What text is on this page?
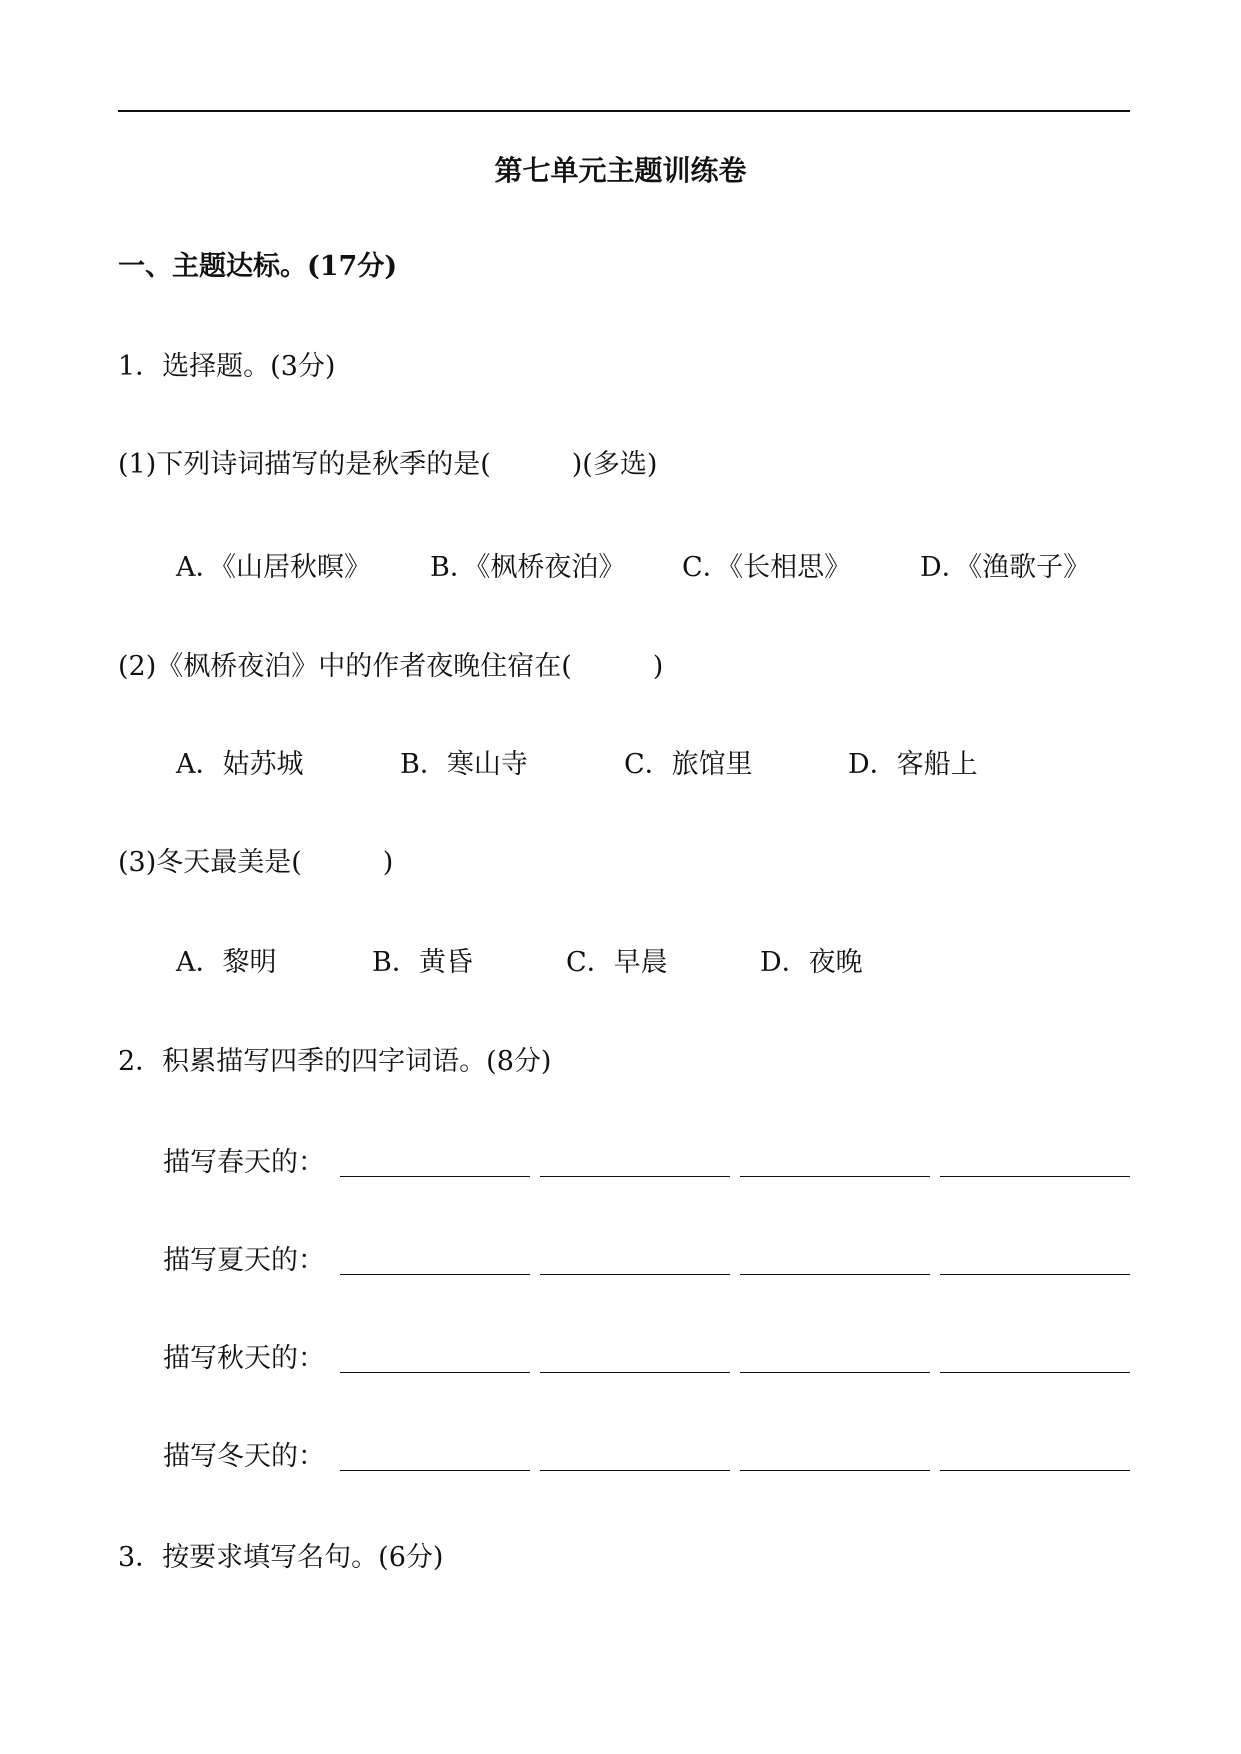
第七单元主题训练卷
一、主题达标。(17分)
1．选择题。(3分)
(1)下列诗词描写的是秋季的是(　　　)(多选)
A．《山居秋暝》 B．《枫桥夜泊》 C．《长相思》	D．《渔歌子》
(2)《枫桥夜泊》中的作者夜晚住宿在(　　　)
A．姑苏城	B．寒山寺	C．旅馆里	D．客船上
(3)冬天最美是(　　　)
A．黎明	B．黄昏	C．早晨	D．夜晚
2．积累描写四季的四字词语。(8分)
描写春天的：
描写夏天的：
描写秋天的：
描写冬天的：
3．按要求填写名句。(6分)
